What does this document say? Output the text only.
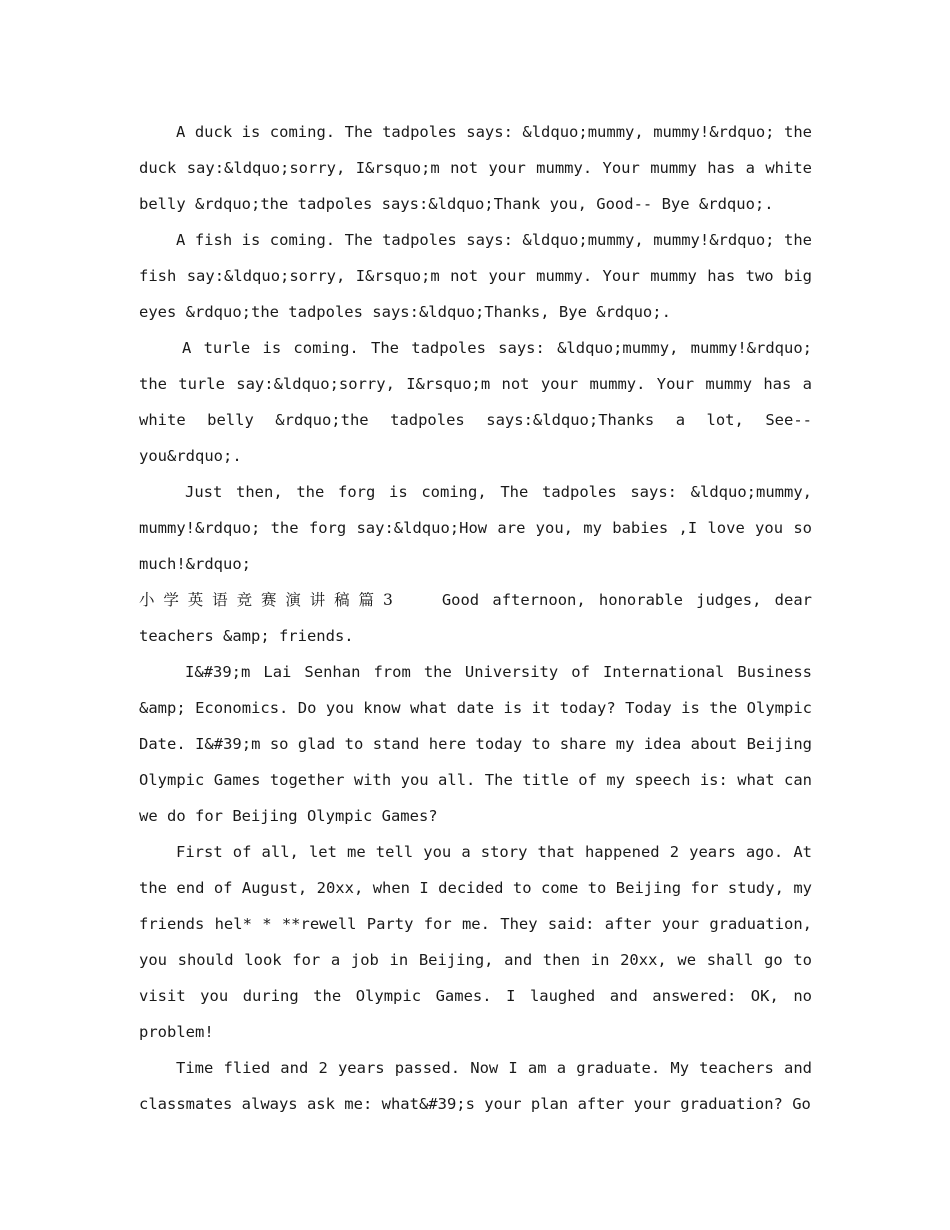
A duck is coming. The tadpoles says: &ldquo;mummy, mummy!&rdquo; the duck say:&ldquo;sorry, I&rsquo;m not your mummy. Your mummy has a white belly &rdquo;the tadpoles says:&ldquo;Thank you, Good-- Bye &rdquo;.

A fish is coming. The tadpoles says: &ldquo;mummy, mummy!&rdquo; the fish say:&ldquo;sorry, I&rsquo;m not your mummy. Your mummy has two big eyes &rdquo;the tadpoles says:&ldquo;Thanks, Bye &rdquo;.

A turle is coming. The tadpoles says: &ldquo;mummy, mummy!&rdquo; the turle say:&ldquo;sorry, I&rsquo;m not your mummy. Your mummy has a white belly &rdquo;the tadpoles says:&ldquo;Thanks a lot, See-- you&rdquo;.

Just then, the forg is coming, The tadpoles says: &ldquo;mummy, mummy!&rdquo; the forg say:&ldquo;How are you, my babies ,I love you so much!&rdquo;

小学英语竞赛演讲稿篇3	Good afternoon, honorable judges, dear teachers &amp; friends.

I&#39;m Lai Senhan from the University of International Business &amp; Economics. Do you know what date is it today? Today is the Olympic Date. I&#39;m so glad to stand here today to share my idea about Beijing Olympic Games together with you all. The title of my speech is: what can we do for Beijing Olympic Games?

First of all, let me tell you a story that happened 2 years ago. At the end of August, 20xx, when I decided to come to Beijing for study, my friends hel* * **rewell Party for me. They said: after your graduation, you should look for a job in Beijing, and then in 20xx, we shall go to visit you during the Olympic Games. I laughed and answered: OK, no problem!

Time flied and 2 years passed. Now I am a graduate. My teachers and classmates always ask me: what&#39;s your plan after your graduation? Go
